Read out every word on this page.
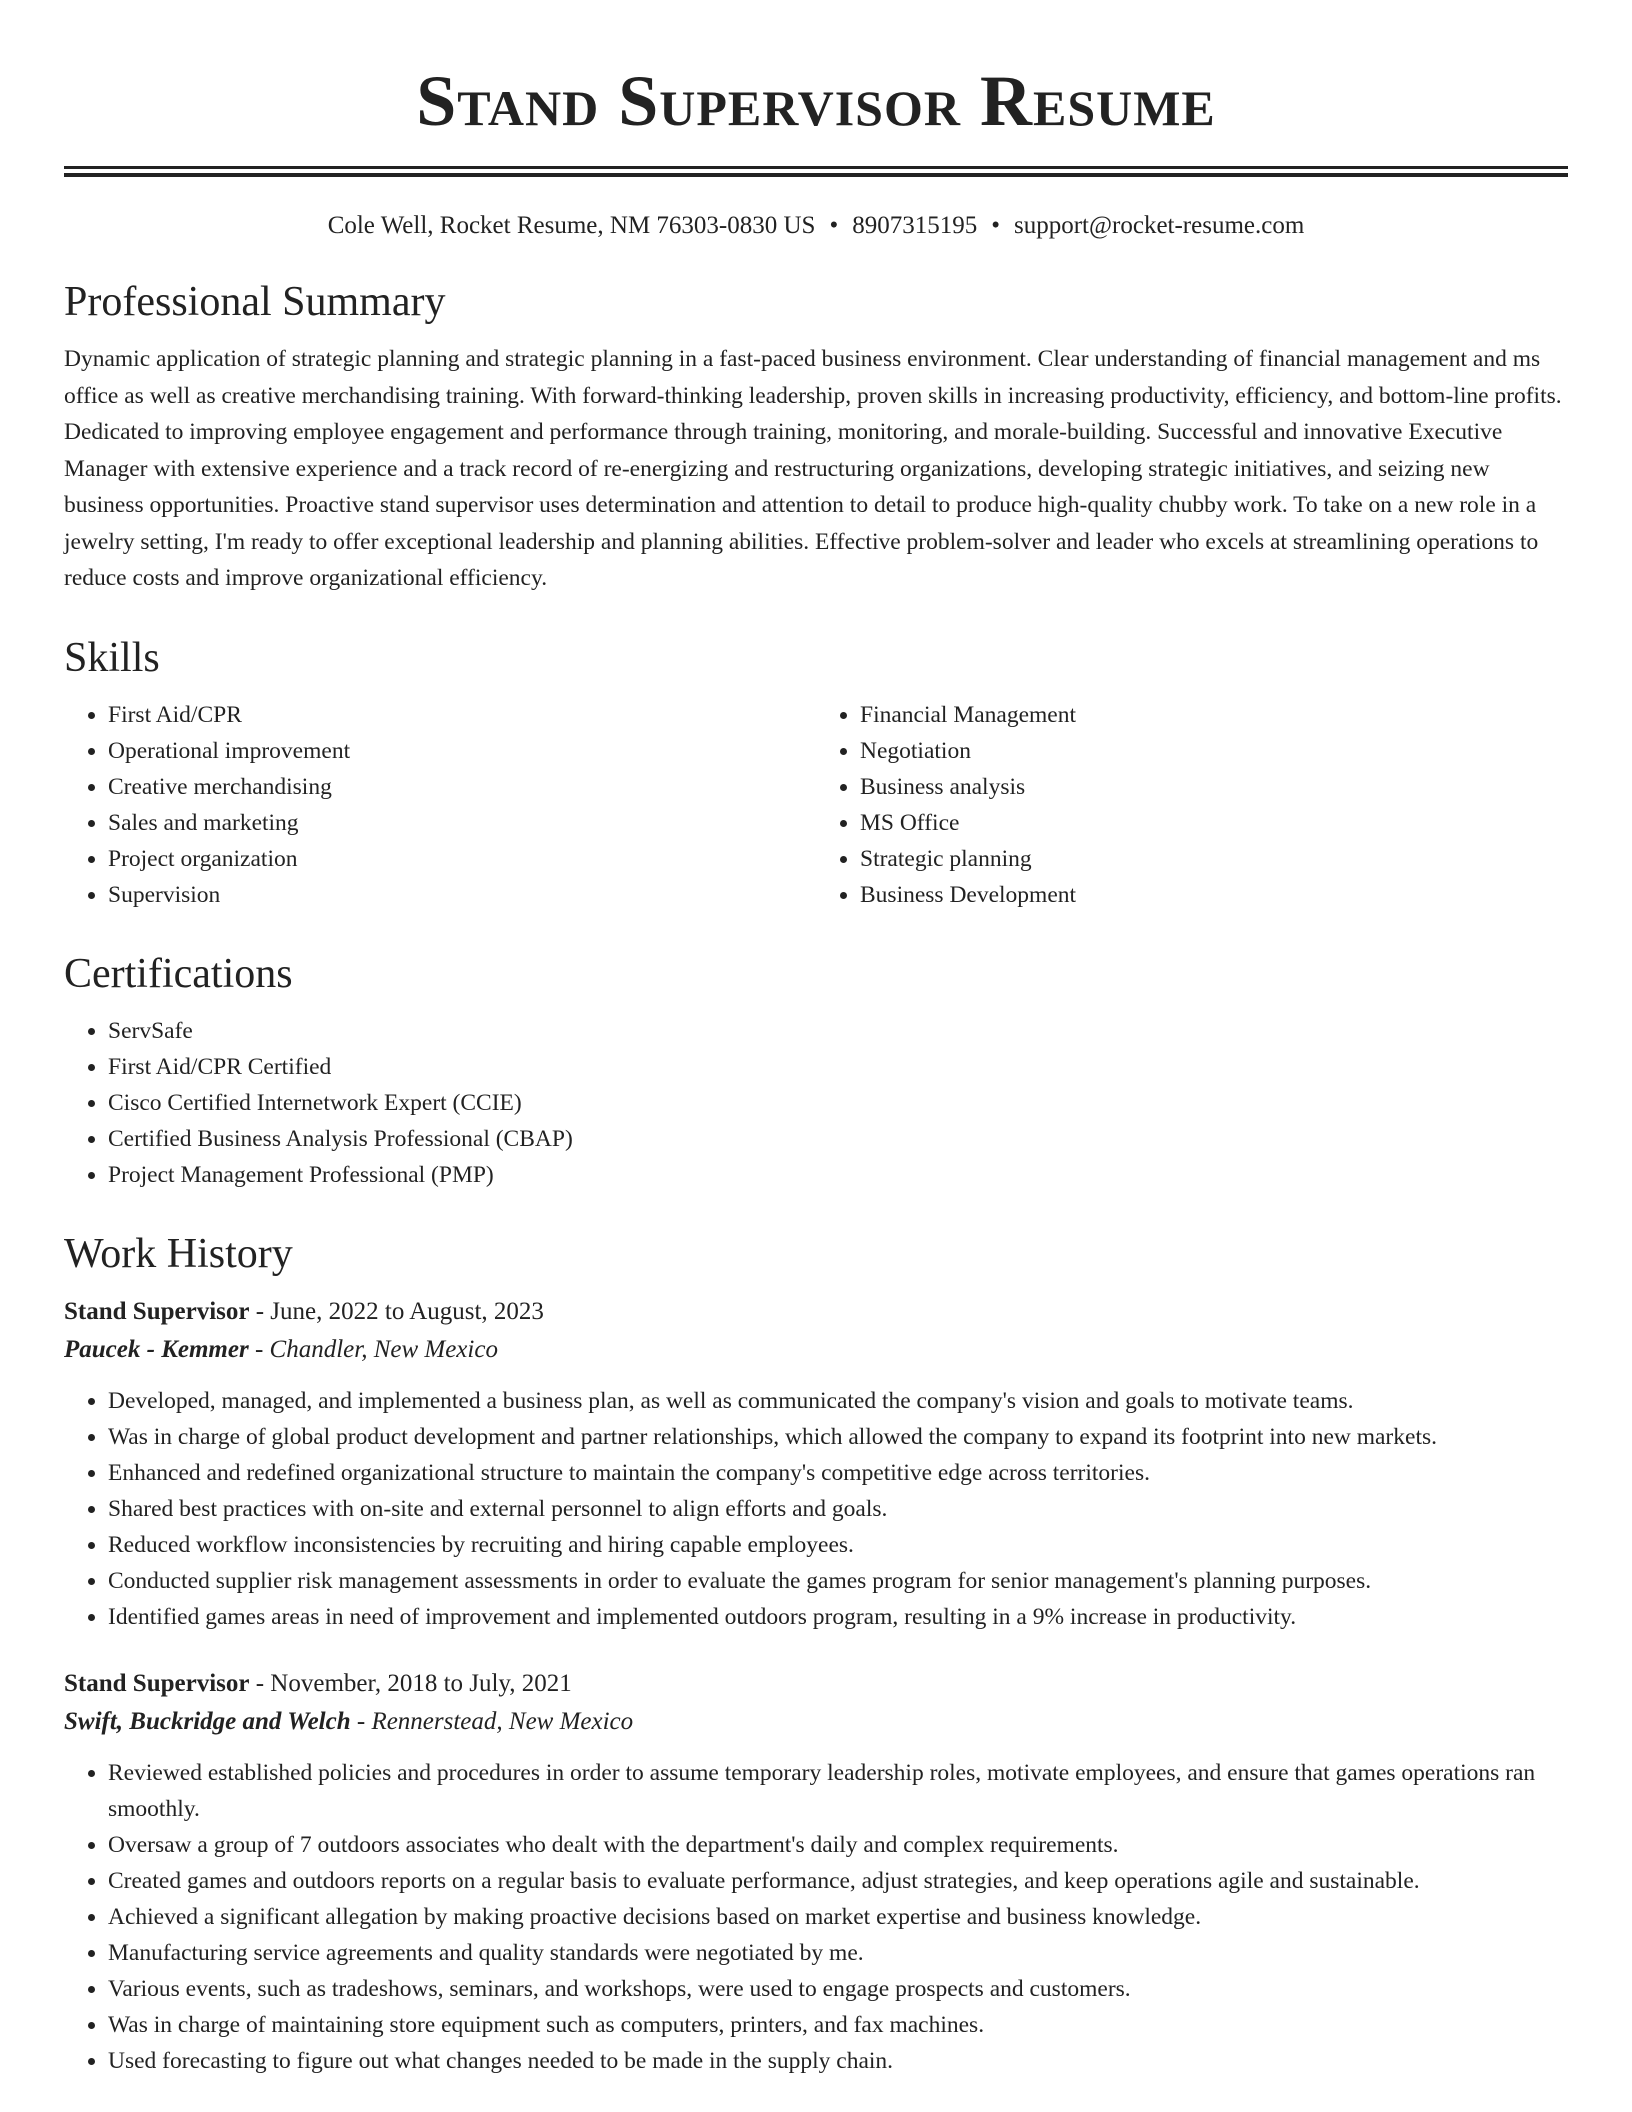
Stand Supervisor Resume
Cole Well, Rocket Resume, NM 76303-0830 US • 8907315195 • support@rocket-resume.com
Professional Summary

Dynamic application of strategic planning and strategic planning in a fast-paced business environment. Clear understanding of financial management and ms office as well as creative merchandising training. With forward-thinking leadership, proven skills in increasing productivity, efficiency, and bottom-line profits. Dedicated to improving employee engagement and performance through training, monitoring, and morale-building. Successful and innovative Executive Manager with extensive experience and a track record of re-energizing and restructuring organizations, developing strategic initiatives, and seizing new business opportunities. Proactive stand supervisor uses determination and attention to detail to produce high-quality chubby work. To take on a new role in a jewelry setting, I'm ready to offer exceptional leadership and planning abilities. Effective problem-solver and leader who excels at streamlining operations to reduce costs and improve organizational efficiency.

Skills
• First Aid/CPR
• Operational improvement
• Creative merchandising
• Sales and marketing
• Project organization
• Supervision
• Financial Management
• Negotiation
• Business analysis
• MS Office
• Strategic planning
• Business Development
Certifications
• ServSafe
• First Aid/CPR Certified
• Cisco Certified Internetwork Expert (CCIE)
• Certified Business Analysis Professional (CBAP)
• Project Management Professional (PMP)
Work History
Stand Supervisor - June, 2022 to August, 2023
Paucek - Kemmer - Chandler, New Mexico
• Developed, managed, and implemented a business plan, as well as communicated the company's vision and goals to motivate teams.
• Was in charge of global product development and partner relationships, which allowed the company to expand its footprint into new markets.
• Enhanced and redefined organizational structure to maintain the company's competitive edge across territories.
• Shared best practices with on-site and external personnel to align efforts and goals.
• Reduced workflow inconsistencies by recruiting and hiring capable employees.
• Conducted supplier risk management assessments in order to evaluate the games program for senior management's planning purposes.
• Identified games areas in need of improvement and implemented outdoors program, resulting in a 9% increase in productivity.
Stand Supervisor - November, 2018 to July, 2021
Swift, Buckridge and Welch - Rennerstead, New Mexico
• Reviewed established policies and procedures in order to assume temporary leadership roles, motivate employees, and ensure that games operations ran smoothly.
• Oversaw a group of 7 outdoors associates who dealt with the department's daily and complex requirements.
• Created games and outdoors reports on a regular basis to evaluate performance, adjust strategies, and keep operations agile and sustainable.
• Achieved a significant allegation by making proactive decisions based on market expertise and business knowledge.
• Manufacturing service agreements and quality standards were negotiated by me.
• Various events, such as tradeshows, seminars, and workshops, were used to engage prospects and customers.
• Was in charge of maintaining store equipment such as computers, printers, and fax machines.
• Used forecasting to figure out what changes needed to be made in the supply chain.
